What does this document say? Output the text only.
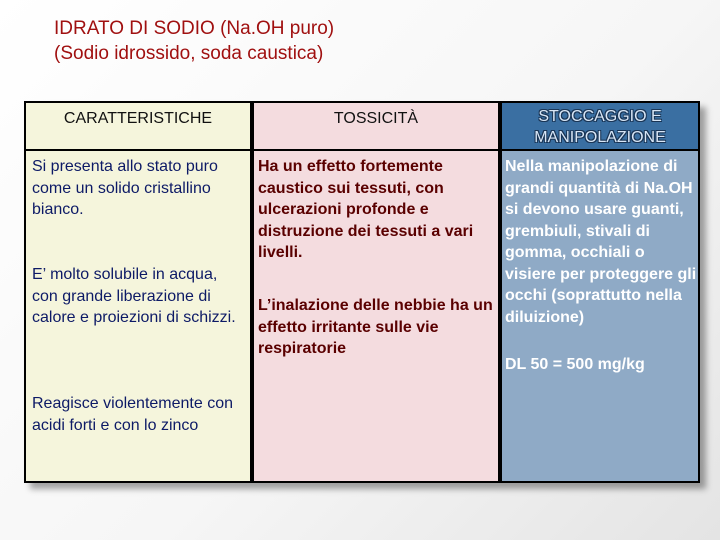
IDRATO DI SODIO (Na.OH puro)
(Sodio idrossido, soda caustica)
CARATTERISTICHE	TOSSICITÀ	STOCCAGGIO E MANIPOLAZIONE
Si presenta allo stato puro come un solido cristallino bianco.
E’ molto solubile in acqua, con grande liberazione di calore e proiezioni di schizzi.
Reagisce violentemente con acidi forti e con lo zinco
Ha un effetto fortemente caustico sui tessuti, con ulcerazioni profonde e distruzione dei tessuti a vari livelli.
L’inalazione delle nebbie ha un effetto irritante sulle vie respiratorie
Nella manipolazione di grandi quantità di Na.OH si devono usare guanti, grembiuli, stivali di gomma, occhiali o visiere per proteggere gli occhi (soprattutto nella diluizione)
DL 50 = 500 mg/kg
